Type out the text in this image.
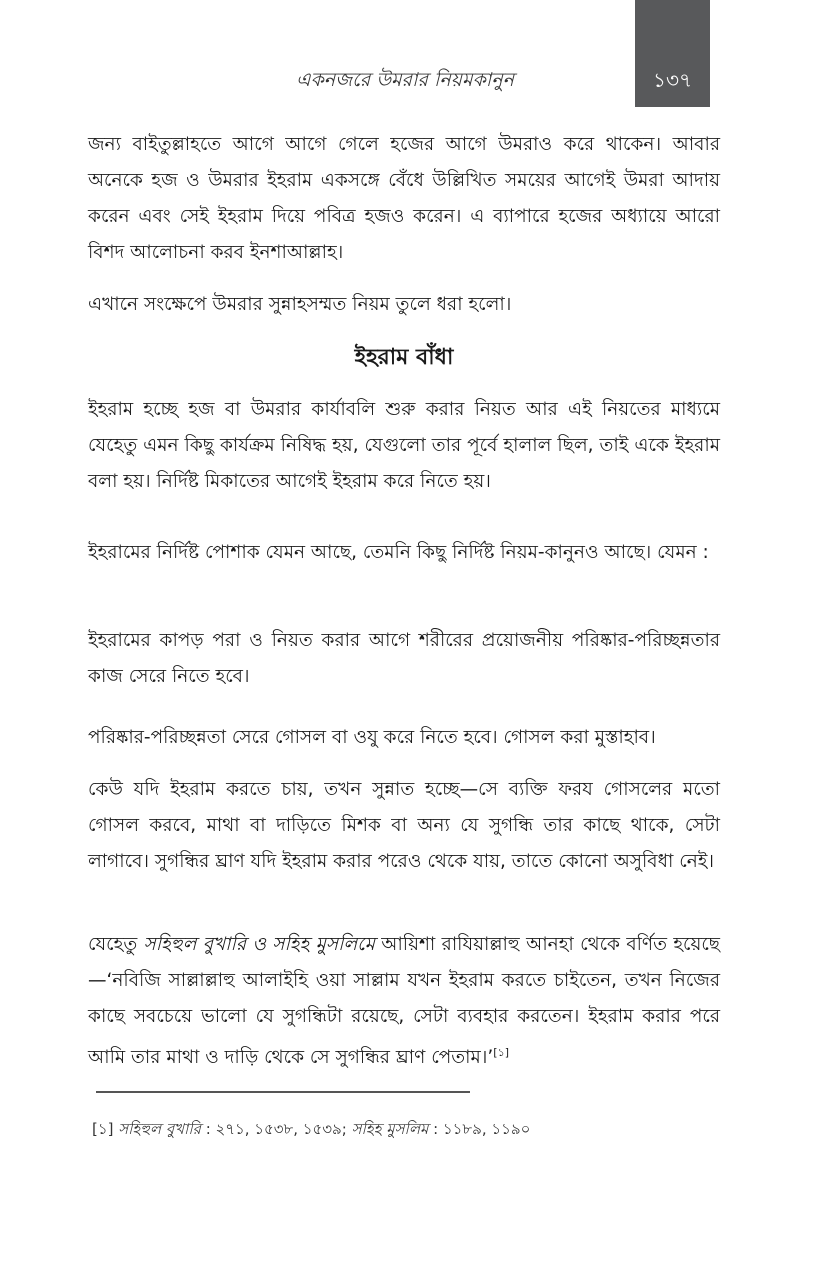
১৩৭
একনজরে উমরার নিয়মকানুন

জন্য বাইতুল্লাহতে আগে আগে গেলে হজের আগে উমরাও করে থাকেন। আবার অনেকে হজ ও উমরার ইহরাম একসঙ্গে বেঁধে উল্লিখিত সময়ের আগেই উমরা আদায় করেন এবং সেই ইহরাম দিয়ে পবিত্র হজও করেন। এ ব্যাপারে হজের অধ্যায়ে আরো বিশদ আলোচনা করব ইনশাআল্লাহ।

এখানে সংক্ষেপে উমরার সুন্নাহসম্মত নিয়ম তুলে ধরা হলো।

ইহরাম বাঁধা

ইহরাম হচ্ছে হজ বা উমরার কার্যাবলি শুরু করার নিয়ত আর এই নিয়তের মাধ্যমে যেহেতু এমন কিছু কার্যক্রম নিষিদ্ধ হয়, যেগুলো তার পূর্বে হালাল ছিল, তাই একে ইহরাম বলা হয়। নির্দিষ্ট মিকাতের আগেই ইহরাম করে নিতে হয়।

ইহরামের নির্দিষ্ট পোশাক যেমন আছে, তেমনি কিছু নির্দিষ্ট নিয়ম-কানুনও আছে। যেমন :

ইহরামের কাপড় পরা ও নিয়ত করার আগে শরীরের প্রয়োজনীয় পরিষ্কার-পরিচ্ছন্নতার কাজ সেরে নিতে হবে।

পরিষ্কার-পরিচ্ছন্নতা সেরে গোসল বা ওযু করে নিতে হবে। গোসল করা মুস্তাহাব।

কেউ যদি ইহরাম করতে চায়, তখন সুন্নাত হচ্ছে—সে ব্যক্তি ফরয গোসলের মতো গোসল করবে, মাথা বা দাড়িতে মিশক বা অন্য যে সুগন্ধি তার কাছে থাকে, সেটা লাগাবে। সুগন্ধির ঘ্রাণ যদি ইহরাম করার পরেও থেকে যায়, তাতে কোনো অসুবিধা নেই।

যেহেতু সহিহুল বুখারি ও সহিহ মুসলিমে আয়িশা রাযিয়াল্লাহু আনহা থেকে বর্ণিত হয়েছে—‘নবিজি সাল্লাল্লাহু আলাইহি ওয়া সাল্লাম যখন ইহরাম করতে চাইতেন, তখন নিজের কাছে সবচেয়ে ভালো যে সুগন্ধিটা রয়েছে, সেটা ব্যবহার করতেন। ইহরাম করার পরে আমি তার মাথা ও দাড়ি থেকে সে সুগন্ধির ঘ্রাণ পেতাম।’[১]

[১] সহিহুল বুখারি : ২৭১, ১৫৩৮, ১৫৩৯; সহিহ মুসলিম : ১১৮৯, ১১৯০
